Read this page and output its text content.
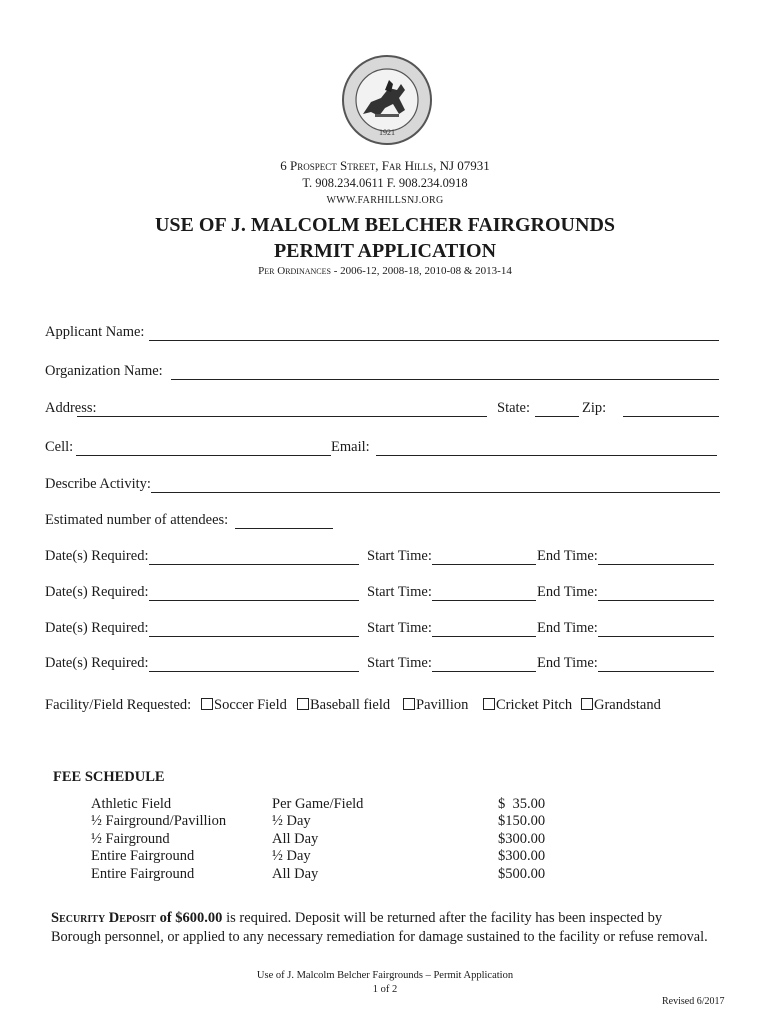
1921
6 Prospect Street, Far Hills, NJ 07931
T. 908.234.0611 F. 908.234.0918
WWW.FARHILLSNJ.ORG
USE OF J. MALCOLM BELCHER FAIRGROUNDS
PERMIT APPLICATION
Per Ordinances - 2006-12, 2008-18, 2010-08 & 2013-14
Applicant Name:
Organization Name:
Address:	State:	Zip:
Cell:	Email:
Describe Activity:
Estimated number of attendees:
Date(s) Required:	Start Time:	End Time:
Date(s) Required:	Start Time:	End Time:
Date(s) Required:	Start Time:	End Time:
Date(s) Required:	Start Time:	End Time:
Facility/Field Requested:	Soccer Field	Baseball field	Pavillion	Cricket Pitch	Grandstand
FEE SCHEDULE
Athletic Field	Per Game/Field	$  35.00
½ Fairground/Pavillion	½ Day	$150.00
½ Fairground	All Day	$300.00
Entire Fairground	½ Day	$300.00
Entire Fairground	All Day	$500.00
Security Deposit of $600.00 is required. Deposit will be returned after the facility has been inspected by
Borough personnel, or applied to any necessary remediation for damage sustained to the facility or refuse removal.
Use of J. Malcolm Belcher Fairgrounds – Permit Application
1 of 2
Revised 6/2017
